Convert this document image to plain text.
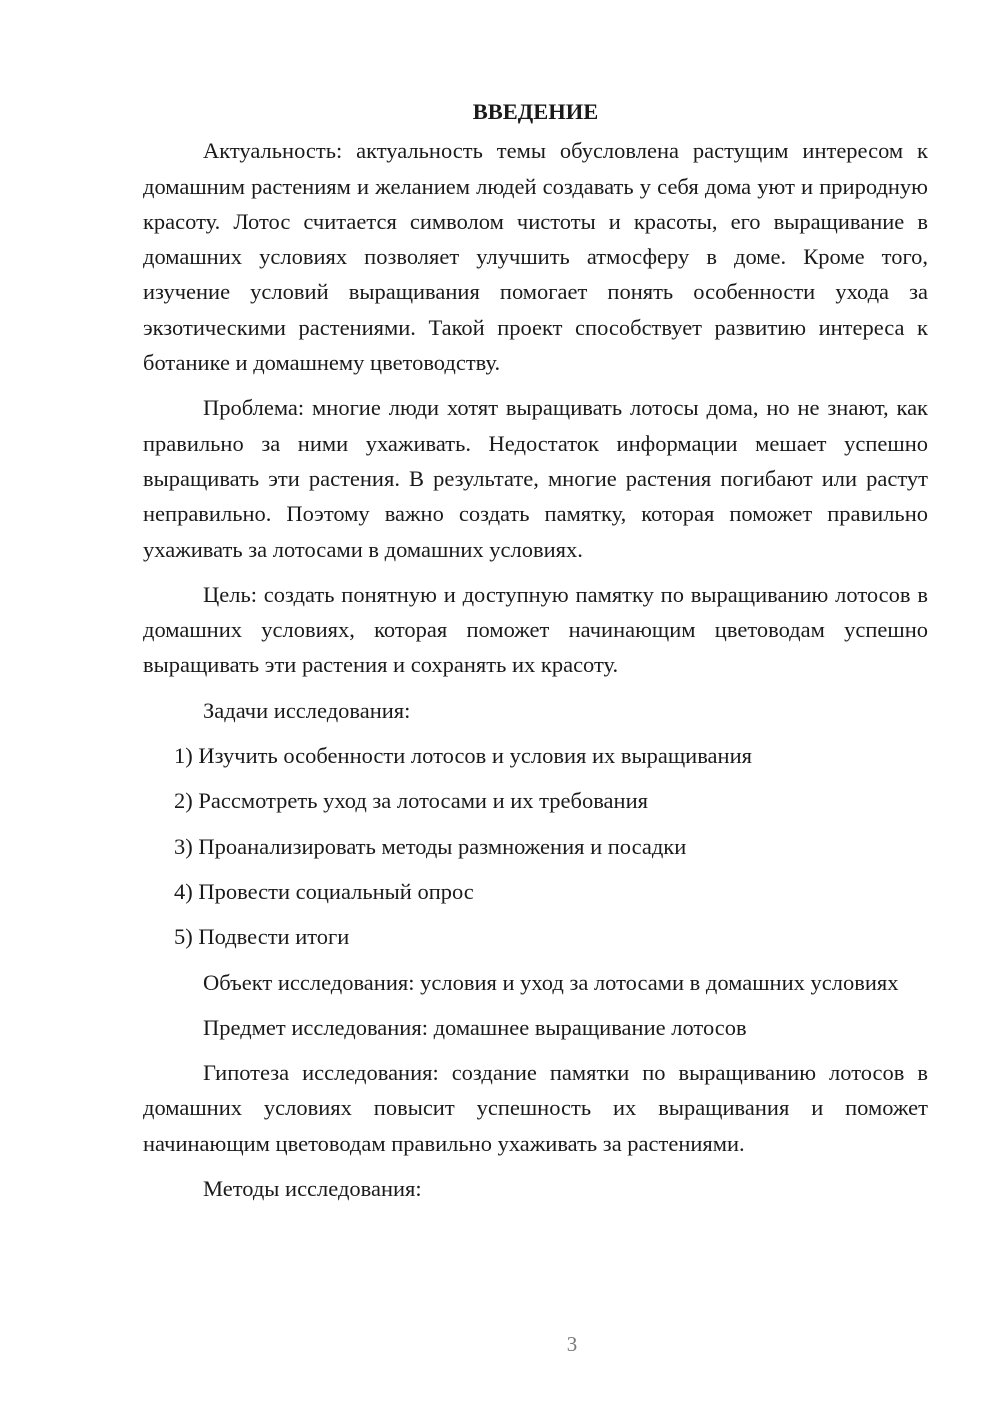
ВВЕДЕНИЕ

Актуальность: актуальность темы обусловлена растущим интересом к домашним растениям и желанием людей создавать у себя дома уют и природную красоту. Лотос считается символом чистоты и красоты, его выращивание в домашних условиях позволяет улучшить атмосферу в доме. Кроме того, изучение условий выращивания помогает понять особенности ухода за экзотическими растениями. Такой проект способствует развитию интереса к ботанике и домашнему цветоводству.

Проблема: многие люди хотят выращивать лотосы дома, но не знают, как правильно за ними ухаживать. Недостаток информации мешает успешно выращивать эти растения. В результате, многие растения погибают или растут неправильно. Поэтому важно создать памятку, которая поможет правильно ухаживать за лотосами в домашних условиях.

Цель: создать понятную и доступную памятку по выращиванию лотосов в домашних условиях, которая поможет начинающим цветоводам успешно выращивать эти растения и сохранять их красоту.

Задачи исследования:

1) Изучить особенности лотосов и условия их выращивания

2) Рассмотреть уход за лотосами и их требования

3) Проанализировать методы размножения и посадки

4) Провести социальный опрос

5) Подвести итоги

Объект исследования: условия и уход за лотосами в домашних условиях

Предмет исследования: домашнее выращивание лотосов

Гипотеза исследования: создание памятки по выращиванию лотосов в домашних условиях повысит успешность их выращивания и поможет начинающим цветоводам правильно ухаживать за растениями.

Методы исследования:

3
